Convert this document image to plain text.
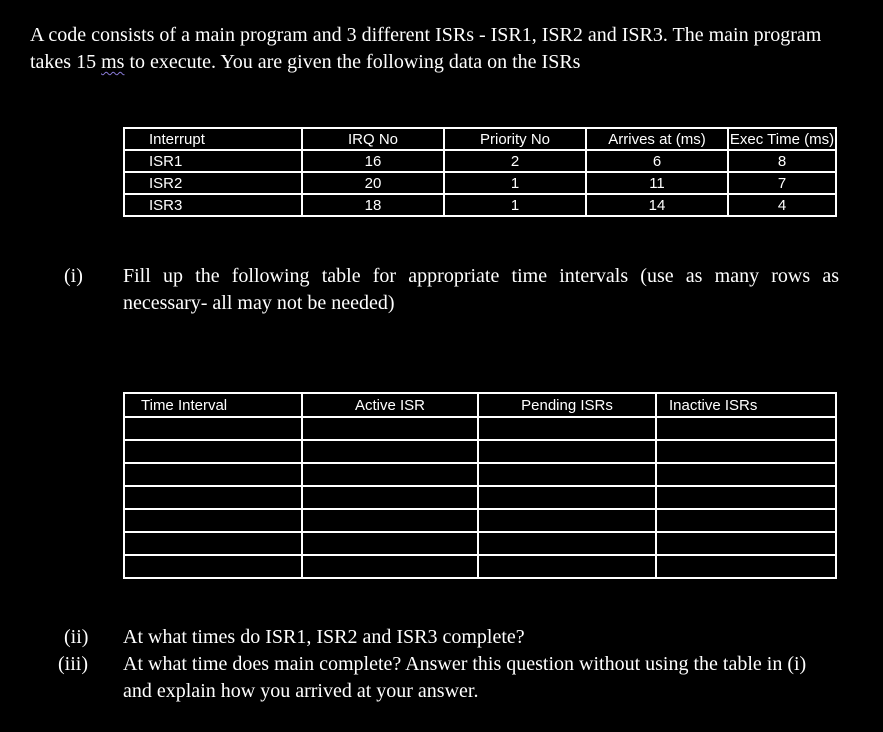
A code consists of a main program and 3 different ISRs - ISR1, ISR2 and ISR3. The main program
takes 15 ms to execute. You are given the following data on the ISRs
Interrupt	IRQ No	Priority No	Arrives at (ms)	Exec Time (ms)
ISR1	16	2	6	8
ISR2	20	1	11	7
ISR3	18	1	14	4
(i) Fill up the following table for appropriate time intervals (use as many rows as
necessary- all may not be needed)
Time Interval	Active ISR	Pending ISRs	Inactive ISRs

(ii) At what times do ISR1, ISR2 and ISR3 complete?
(iii) At what time does main complete? Answer this question without using the table in (i)
and explain how you arrived at your answer.
